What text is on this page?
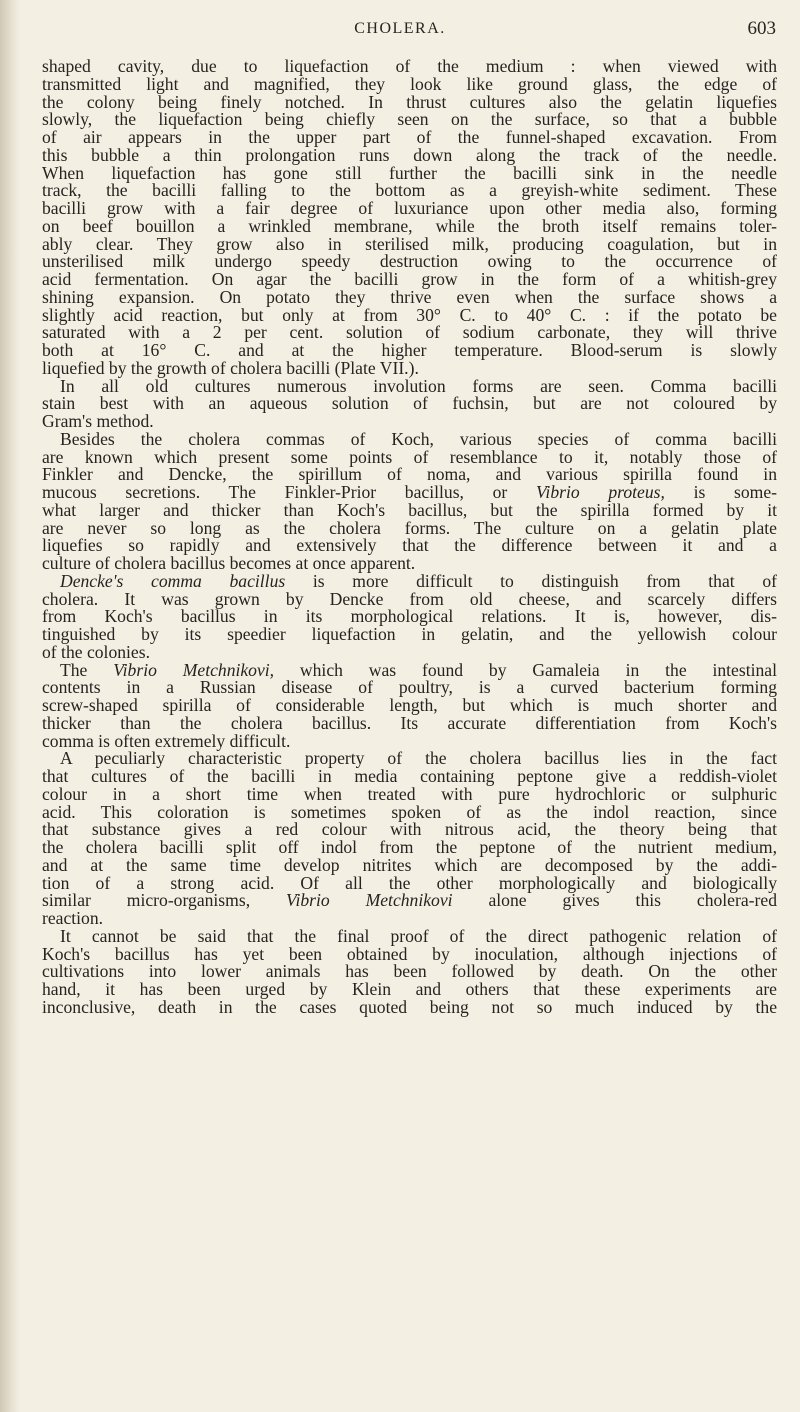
CHOLERA.	603
shaped cavity, due to liquefaction of the medium : when viewed with
transmitted light and magnified, they look like ground glass, the edge of
the colony being finely notched. In thrust cultures also the gelatin liquefies
slowly, the liquefaction being chiefly seen on the surface, so that a bubble
of air appears in the upper part of the funnel-shaped excavation. From
this bubble a thin prolongation runs down along the track of the needle.
When liquefaction has gone still further the bacilli sink in the needle
track, the bacilli falling to the bottom as a greyish-white sediment. These
bacilli grow with a fair degree of luxuriance upon other media also, forming
on beef bouillon a wrinkled membrane, while the broth itself remains toler-
ably clear. They grow also in sterilised milk, producing coagulation, but in
unsterilised milk undergo speedy destruction owing to the occurrence of
acid fermentation. On agar the bacilli grow in the form of a whitish-grey
shining expansion. On potato they thrive even when the surface shows a
slightly acid reaction, but only at from 30° C. to 40° C. : if the potato be
saturated with a 2 per cent. solution of sodium carbonate, they will thrive
both at 16° C. and at the higher temperature. Blood-serum is slowly
liquefied by the growth of cholera bacilli (Plate VII.).
In all old cultures numerous involution forms are seen. Comma bacilli
stain best with an aqueous solution of fuchsin, but are not coloured by
Gram's method.
Besides the cholera commas of Koch, various species of comma bacilli
are known which present some points of resemblance to it, notably those of
Finkler and Dencke, the spirillum of noma, and various spirilla found in
mucous secretions. The Finkler-Prior bacillus, or Vibrio proteus, is some-
what larger and thicker than Koch's bacillus, but the spirilla formed by it
are never so long as the cholera forms. The culture on a gelatin plate
liquefies so rapidly and extensively that the difference between it and a
culture of cholera bacillus becomes at once apparent.
Dencke's comma bacillus is more difficult to distinguish from that of
cholera. It was grown by Dencke from old cheese, and scarcely differs
from Koch's bacillus in its morphological relations. It is, however, dis-
tinguished by its speedier liquefaction in gelatin, and the yellowish colour
of the colonies.
The Vibrio Metchnikovi, which was found by Gamaleia in the intestinal
contents in a Russian disease of poultry, is a curved bacterium forming
screw-shaped spirilla of considerable length, but which is much shorter and
thicker than the cholera bacillus. Its accurate differentiation from Koch's
comma is often extremely difficult.
A peculiarly characteristic property of the cholera bacillus lies in the fact
that cultures of the bacilli in media containing peptone give a reddish-violet
colour in a short time when treated with pure hydrochloric or sulphuric
acid. This coloration is sometimes spoken of as the indol reaction, since
that substance gives a red colour with nitrous acid, the theory being that
the cholera bacilli split off indol from the peptone of the nutrient medium,
and at the same time develop nitrites which are decomposed by the addi-
tion of a strong acid. Of all the other morphologically and biologically
similar micro-organisms, Vibrio Metchnikovi alone gives this cholera-red
reaction.
It cannot be said that the final proof of the direct pathogenic relation of
Koch's bacillus has yet been obtained by inoculation, although injections of
cultivations into lower animals has been followed by death. On the other
hand, it has been urged by Klein and others that these experiments are
inconclusive, death in the cases quoted being not so much induced by the
